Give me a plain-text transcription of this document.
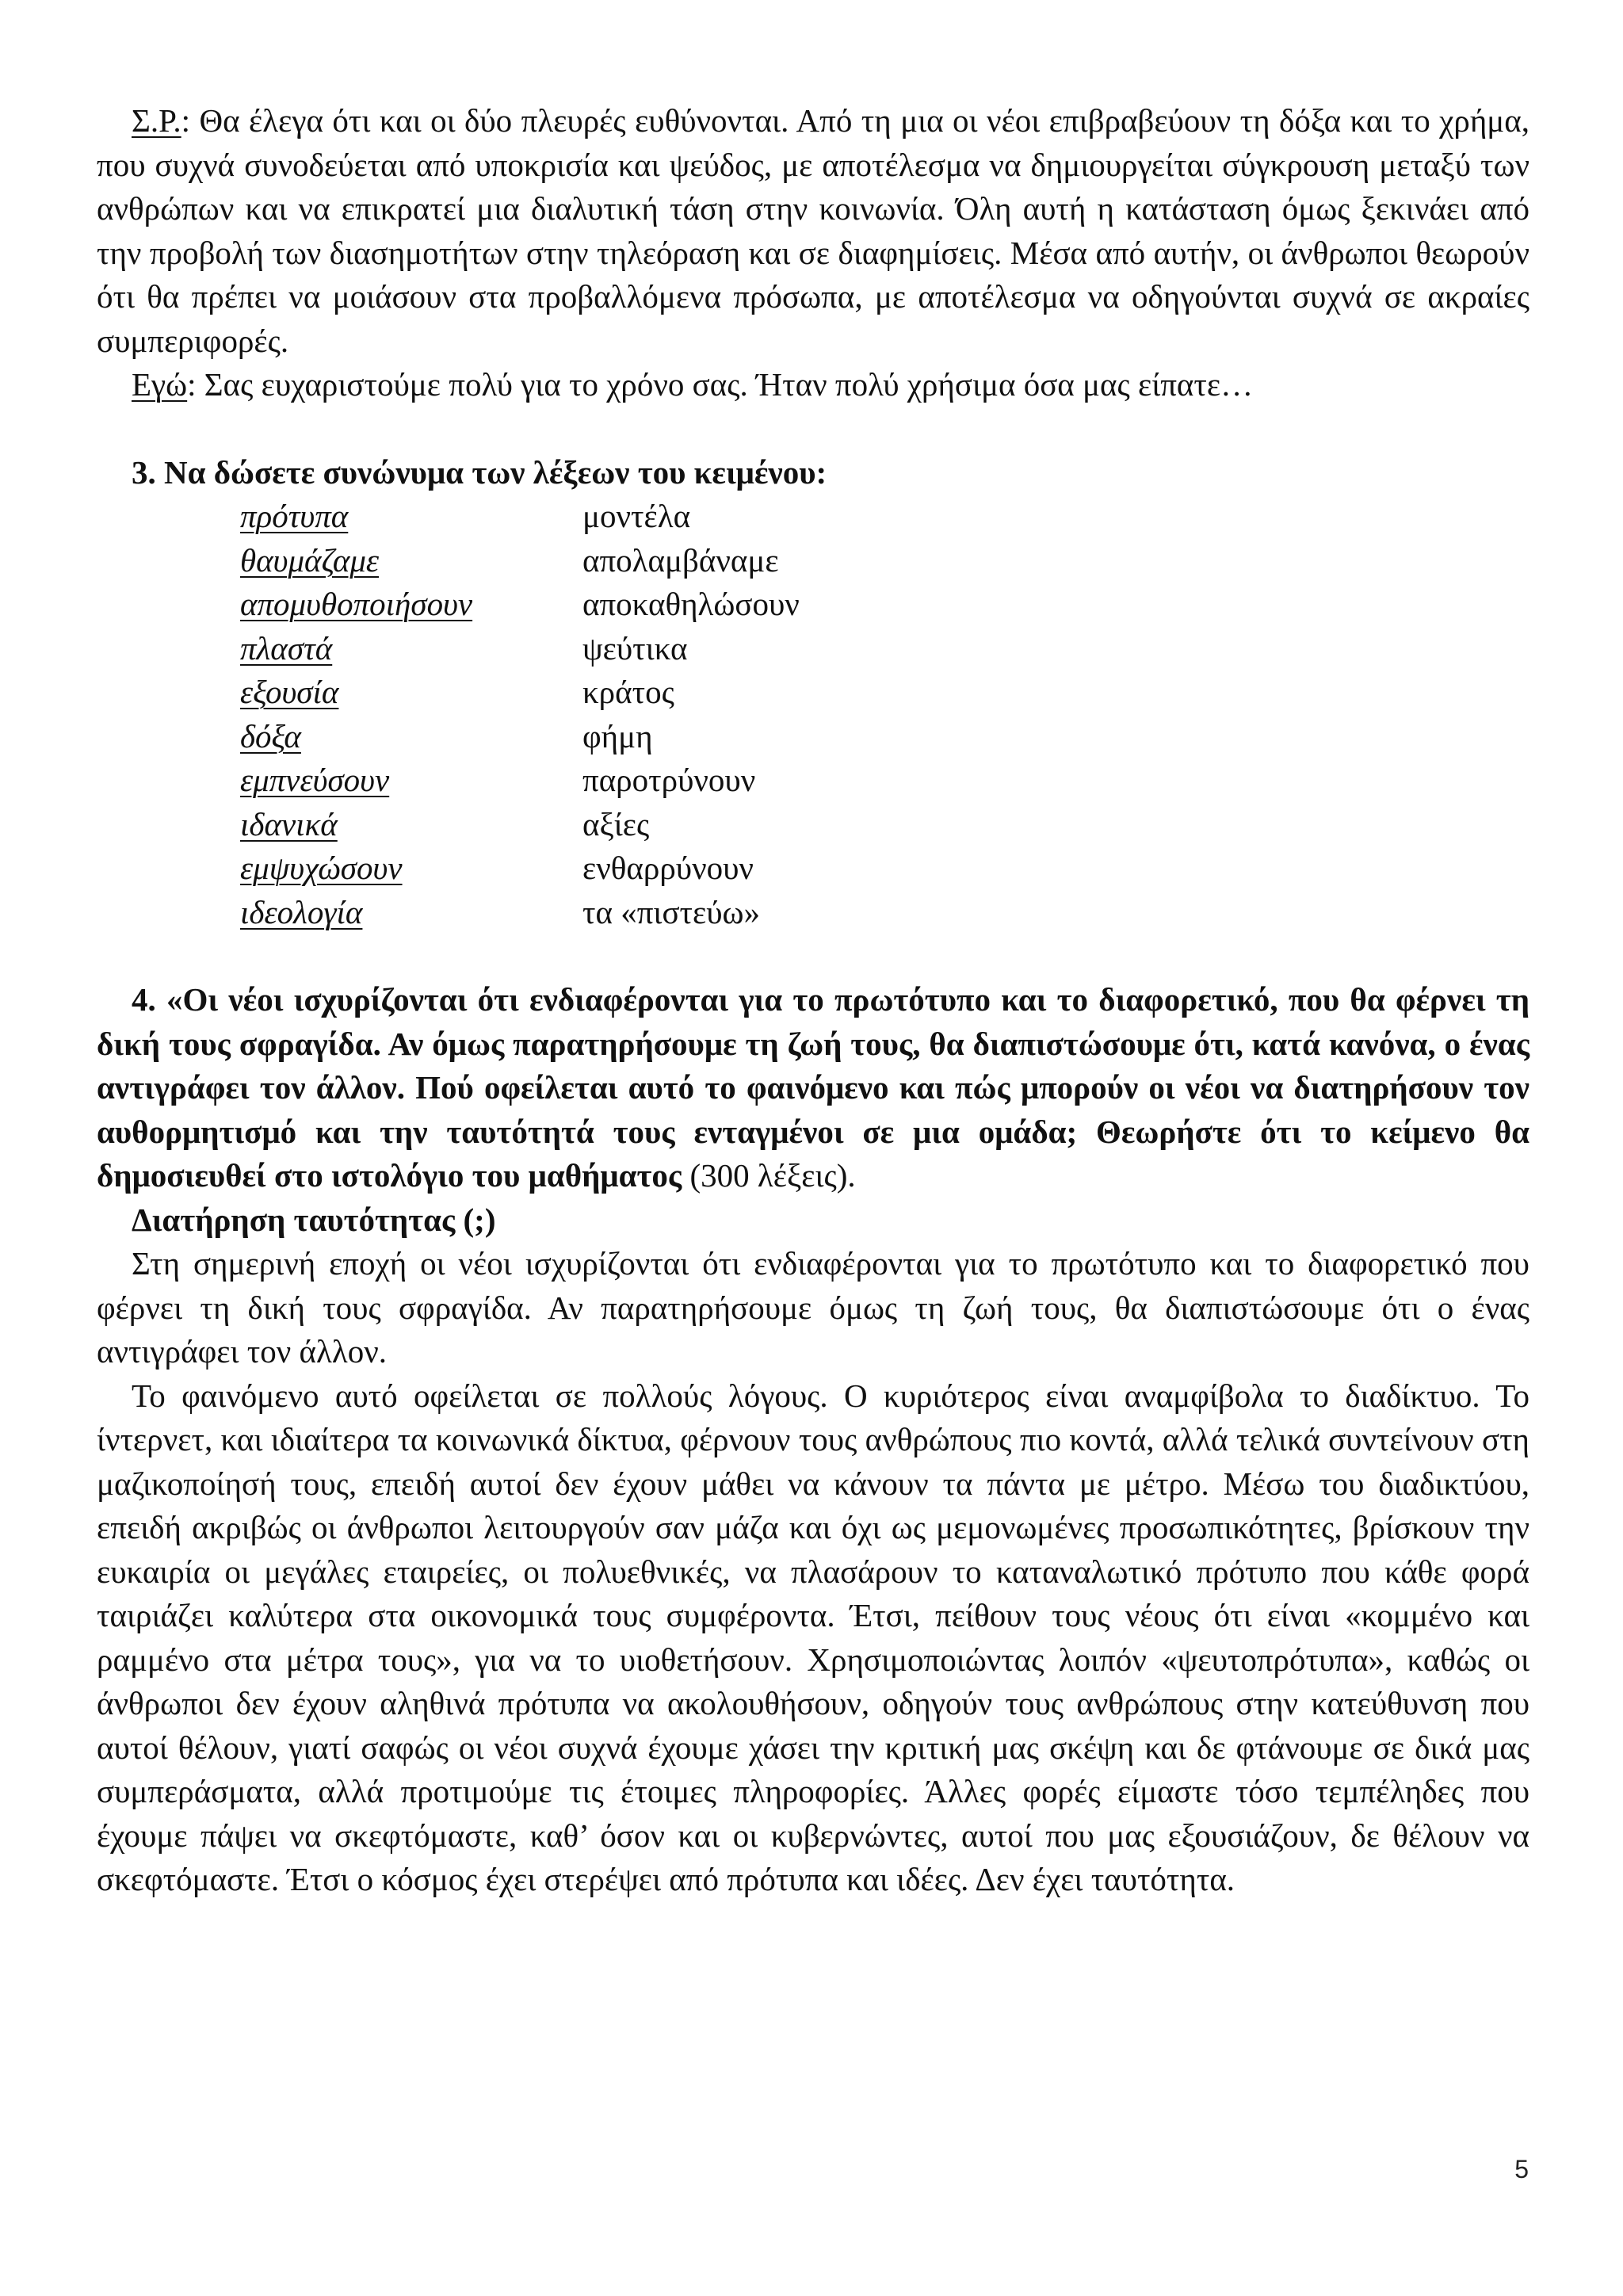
Σ.Ρ.: Θα έλεγα ότι και οι δύο πλευρές ευθύνονται. Από τη μια οι νέοι επιβραβεύουν τη δόξα και το χρήμα, που συχνά συνοδεύεται από υποκρισία και ψεύδος, με αποτέλεσμα να δημιουργείται σύγκρουση μεταξύ των ανθρώπων και να επικρατεί μια διαλυτική τάση στην κοινωνία. Όλη αυτή η κατάσταση όμως ξεκινάει από την προβολή των διασημοτήτων στην τηλεόραση και σε διαφημίσεις. Μέσα από αυτήν, οι άνθρωποι θεωρούν ότι θα πρέπει να μοιάσουν στα προβαλλόμενα πρόσωπα, με αποτέλεσμα να οδηγούνται συχνά σε ακραίες συμπεριφορές.

Εγώ: Σας ευχαριστούμε πολύ για το χρόνο σας. Ήταν πολύ χρήσιμα όσα μας είπατε…

3. Να δώσετε συνώνυμα των λέξεων του κειμένου:

πρότυπα	μοντέλα
θαυμάζαμε	απολαμβάναμε
απομυθοποιήσουν	αποκαθηλώσουν
πλαστά	ψεύτικα
εξουσία	κράτος
δόξα	φήμη
εμπνεύσουν	παροτρύνουν
ιδανικά	αξίες
εμψυχώσουν	ενθαρρύνουν
ιδεολογία	τα «πιστεύω»

4. «Οι νέοι ισχυρίζονται ότι ενδιαφέρονται για το πρωτότυπο και το διαφορετικό, που θα φέρνει τη δική τους σφραγίδα. Αν όμως παρατηρήσουμε τη ζωή τους, θα διαπιστώσουμε ότι, κατά κανόνα, ο ένας αντιγράφει τον άλλον. Πού οφείλεται αυτό το φαινόμενο και πώς μπορούν οι νέοι να διατηρήσουν τον αυθορμητισμό και την ταυτότητά τους ενταγμένοι σε μια ομάδα; Θεωρήστε ότι το κείμενο θα δημοσιευθεί στο ιστολόγιο του μαθήματος (300 λέξεις).

Διατήρηση ταυτότητας (;)

Στη σημερινή εποχή οι νέοι ισχυρίζονται ότι ενδιαφέρονται για το πρωτότυπο και το διαφορετικό που φέρνει τη δική τους σφραγίδα. Αν παρατηρήσουμε όμως τη ζωή τους, θα διαπιστώσουμε ότι ο ένας αντιγράφει τον άλλον.

Το φαινόμενο αυτό οφείλεται σε πολλούς λόγους. Ο κυριότερος είναι αναμφίβολα το διαδίκτυο. Το ίντερνετ, και ιδιαίτερα τα κοινωνικά δίκτυα, φέρνουν τους ανθρώπους πιο κοντά, αλλά τελικά συντείνουν στη μαζικοποίησή τους, επειδή αυτοί δεν έχουν μάθει να κάνουν τα πάντα με μέτρο. Μέσω του διαδικτύου, επειδή ακριβώς οι άνθρωποι λειτουργούν σαν μάζα και όχι ως μεμονωμένες προσωπικότητες, βρίσκουν την ευκαιρία οι μεγάλες εταιρείες, οι πολυεθνικές, να πλασάρουν το καταναλωτικό πρότυπο που κάθε φορά ταιριάζει καλύτερα στα οικονομικά τους συμφέροντα. Έτσι, πείθουν τους νέους ότι είναι «κομμένο και ραμμένο στα μέτρα τους», για να το υιοθετήσουν. Χρησιμοποιώντας λοιπόν «ψευτοπρότυπα», καθώς οι άνθρωποι δεν έχουν αληθινά πρότυπα να ακολουθήσουν, οδηγούν τους ανθρώπους στην κατεύθυνση που αυτοί θέλουν, γιατί σαφώς οι νέοι συχνά έχουμε χάσει την κριτική μας σκέψη και δε φτάνουμε σε δικά μας συμπεράσματα, αλλά προτιμούμε τις έτοιμες πληροφορίες. Άλλες φορές είμαστε τόσο τεμπέληδες που έχουμε πάψει να σκεφτόμαστε, καθ’ όσον και οι κυβερνώντες, αυτοί που μας εξουσιάζουν, δε θέλουν να σκεφτόμαστε. Έτσι ο κόσμος έχει στερέψει από πρότυπα και ιδέες. Δεν έχει ταυτότητα.

5
